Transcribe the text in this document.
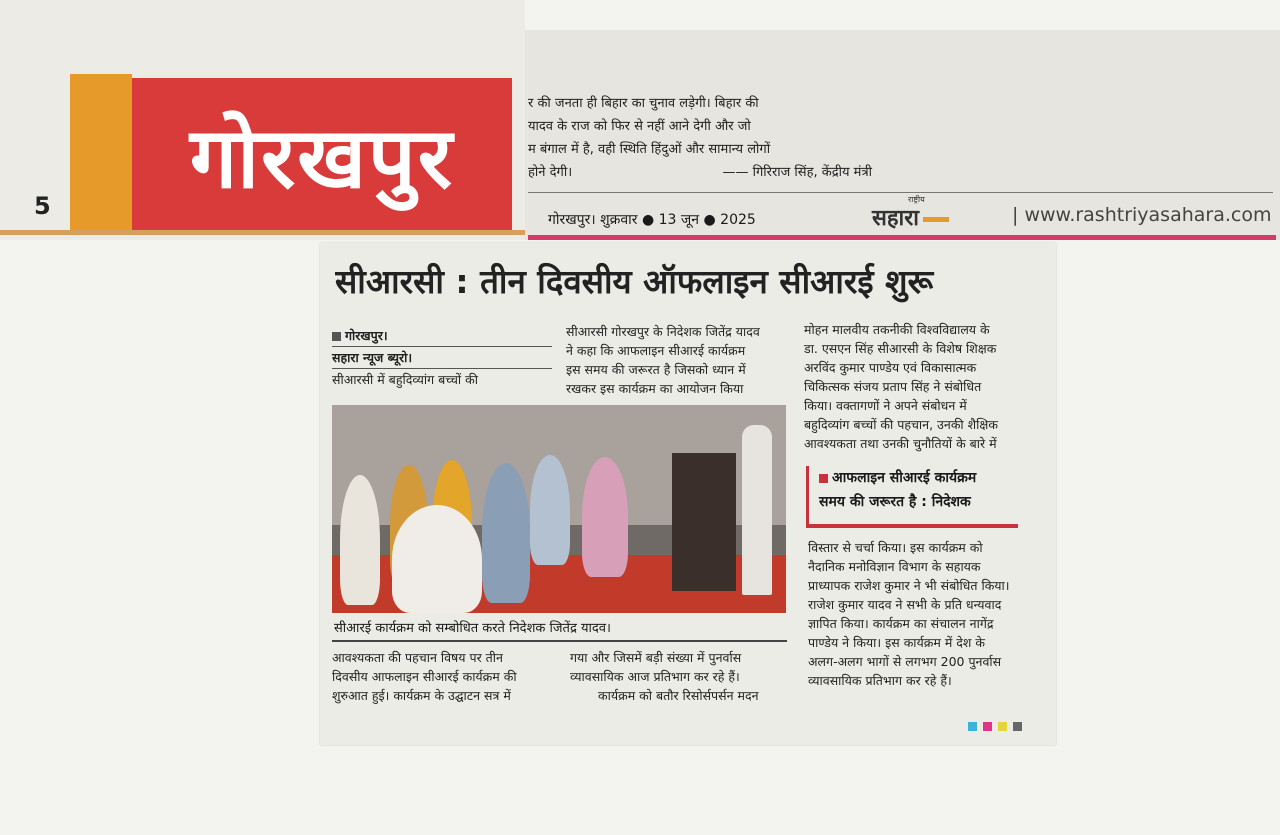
5 गोरखपुर

र की जनता ही बिहार का चुनाव लड़ेगी। बिहार की

यादव के राज को फिर से नहीं आने देगी और जो

म बंगाल में है, वही स्थिति हिंदुओं और सामान्य लोगों

होने देगी।	—— गिरिराज सिंह, केंद्रीय मंत्री

गोरखपुर। शुक्रवार ● 13 जून ● 2025
राष्ट्रीय
सहारा	| www.rashtriyasahara.com
सीआरसी : तीन दिवसीय ऑफलाइन सीआरई शुरू

गोरखपुर।

सहारा न्यूज ब्यूरो।

सीआरसी में बहुदिव्यांग बच्चों की

सीआरसी गोरखपुर के निदेशक जितेंद्र यादव

ने कहा कि आफलाइन सीआरई कार्यक्रम

इस समय की जरूरत है जिसको ध्यान में

रखकर इस कार्यक्रम का आयोजन किया

मोहन मालवीय तकनीकी विश्वविद्यालय के

डा. एसएन सिंह सीआरसी के विशेष शिक्षक

अरविंद कुमार पाण्डेय एवं विकासात्मक

चिकित्सक संजय प्रताप सिंह ने संबोधित

किया। वक्तागणों ने अपने संबोधन में

बहुदिव्यांग बच्चों की पहचान, उनकी शैक्षिक

आवश्यकता तथा उनकी चुनौतियों के बारे में

सीआरई कार्यक्रम को सम्बोधित करते निदेशक जितेंद्र यादव।

आफलाइन सीआरई कार्यक्रम

समय की जरूरत है : निदेशक

विस्तार से चर्चा किया। इस कार्यक्रम को

नैदानिक मनोविज्ञान विभाग के सहायक

प्राध्यापक राजेश कुमार ने भी संबोधित किया।

राजेश कुमार यादव ने सभी के प्रति धन्यवाद

ज्ञापित किया। कार्यक्रम का संचालन नागेंद्र

पाण्डेय ने किया। इस कार्यक्रम में देश के

अलग-अलग भागों से लगभग 200 पुनर्वास

व्यावसायिक प्रतिभाग कर रहे हैं।

आवश्यकता की पहचान विषय पर तीन

दिवसीय आफलाइन सीआरई कार्यक्रम की

शुरुआत हुई। कार्यक्रम के उद्घाटन सत्र में

गया और जिसमें बड़ी संख्या में पुनर्वास

व्यावसायिक आज प्रतिभाग कर रहे हैं।

कार्यक्रम को बतौर रिसोर्सपर्सन मदन
